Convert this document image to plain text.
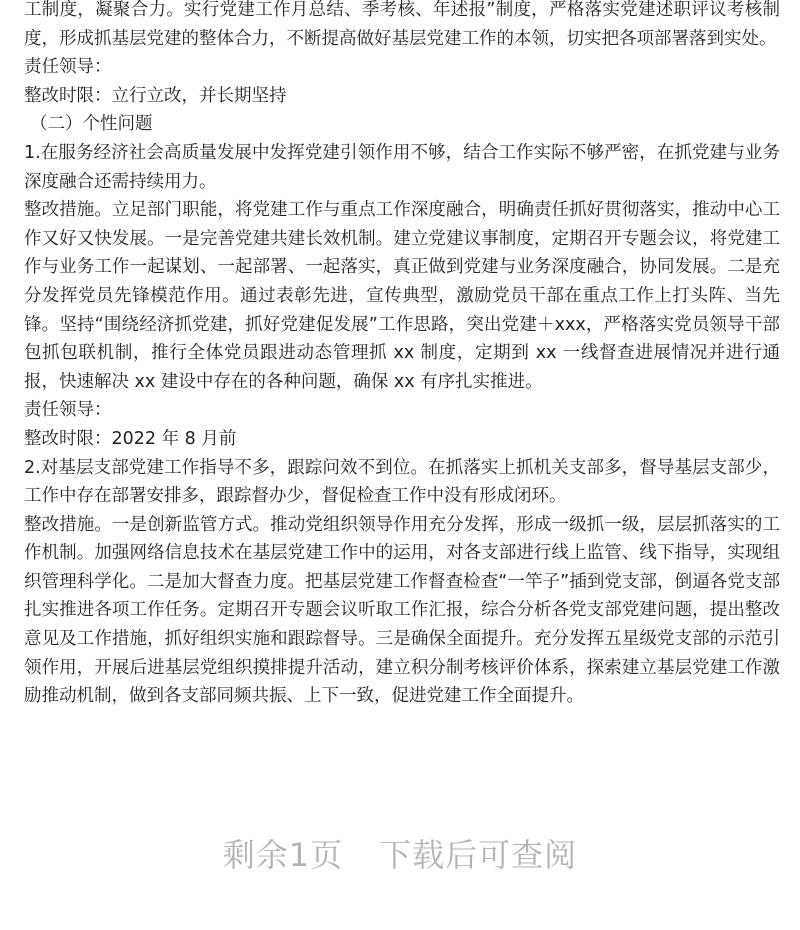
工制度，凝聚合力。实行党建工作月总结、季考核、年述报”制度，严格落实党建述职评议考核制度，形成抓基层党建的整体合力，不断提高做好基层党建工作的本领，切实把各项部署落到实处。

责任领导：

整改时限：立行立改，并长期坚持

（二）个性问题

1.在服务经济社会高质量发展中发挥党建引领作用不够，结合工作实际不够严密，在抓党建与业务深度融合还需持续用力。

整改措施。立足部门职能，将党建工作与重点工作深度融合，明确责任抓好贯彻落实，推动中心工作又好又快发展。一是完善党建共建长效机制。建立党建议事制度，定期召开专题会议，将党建工作与业务工作一起谋划、一起部署、一起落实，真正做到党建与业务深度融合，协同发展。二是充分发挥党员先锋模范作用。通过表彰先进，宣传典型，激励党员干部在重点工作上打头阵、当先锋。坚持“围绕经济抓党建，抓好党建促发展”工作思路，突出党建＋xxx，严格落实党员领导干部包抓包联机制，推行全体党员跟进动态管理抓 xx 制度，定期到 xx 一线督查进展情况并进行通报，快速解决 xx 建设中存在的各种问题，确保 xx 有序扎实推进。

责任领导：

整改时限：2022 年 8 月前

2.对基层支部党建工作指导不多，跟踪问效不到位。在抓落实上抓机关支部多，督导基层支部少，工作中存在部署安排多，跟踪督办少，督促检查工作中没有形成闭环。

整改措施。一是创新监管方式。推动党组织领导作用充分发挥，形成一级抓一级，层层抓落实的工作机制。加强网络信息技术在基层党建工作中的运用，对各支部进行线上监管、线下指导，实现组织管理科学化。二是加大督查力度。把基层党建工作督查检查“一竿子”插到党支部，倒逼各党支部扎实推进各项工作任务。定期召开专题会议听取工作汇报，综合分析各党支部党建问题，提出整改意见及工作措施，抓好组织实施和跟踪督导。三是确保全面提升。充分发挥五星级党支部的示范引领作用，开展后进基层党组织摸排提升活动，建立积分制考核评价体系，探索建立基层党建工作激励推动机制，做到各支部同频共振、上下一致，促进党建工作全面提升。

剩余1页 下载后可查阅
